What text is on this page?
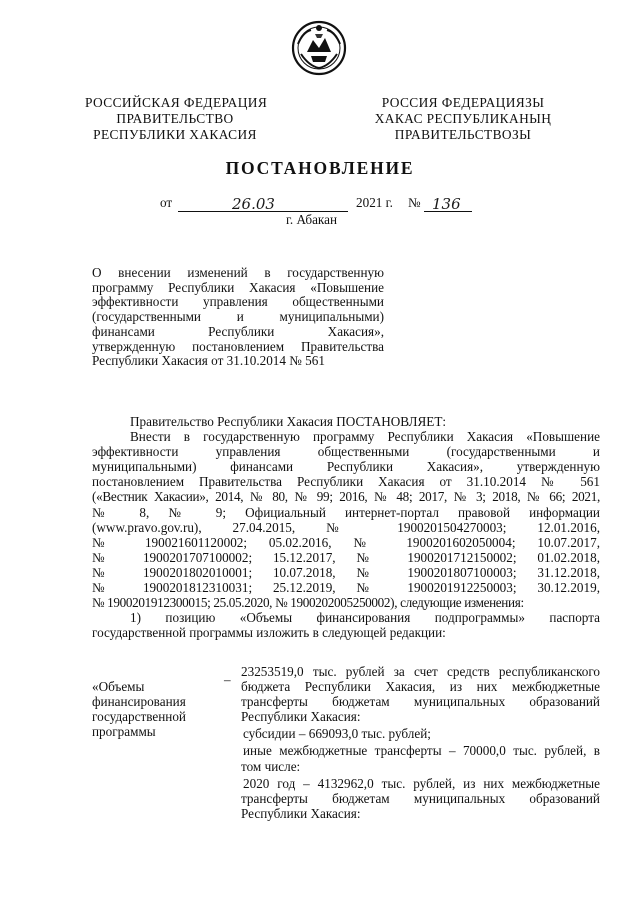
РОССИЙСКАЯ ФЕДЕРАЦИЯ
ПРАВИТЕЛЬСТВО
РЕСПУБЛИКИ ХАКАСИЯ
РОССИЯ ФЕДЕРАЦИЯЗЫ
ХАКАС РЕСПУБЛИКАНЫҢ
ПРАВИТЕЛЬСТВОЗЫ
ПОСТАНОВЛЕНИЕ
от	26.03	2021 г. № 136
г. Абакан
О внесении изменений в государственную
программу Республики Хакасия «Повышение
эффективности управления общественными
(государственными и муниципальными)
финансами Республики Хакасия»,
утвержденную постановлением Правительства
Республики Хакасия от 31.10.2014 № 561
Правительство Республики Хакасия ПОСТАНОВЛЯЕТ:
Внести в государственную программу Республики Хакасия «Повышение
эффективности управления общественными (государственными и
муниципальными) финансами Республики Хакасия», утвержденную
постановлением Правительства Республики Хакасия от 31.10.2014 № 561
(«Вестник Хакасии», 2014, № 80, № 99; 2016, № 48; 2017, № 3; 2018, № 66; 2021,
№ 8, № 9; Официальный интернет-портал правовой информации
(www.pravo.gov.ru), 27.04.2015, № 1900201504270003; 12.01.2016,
№ 190021601120002; 05.02.2016, № 1900201602050004; 10.07.2017,
№ 1900201707100002; 15.12.2017, № 1900201712150002; 01.02.2018,
№ 1900201802010001; 10.07.2018, № 1900201807100003; 31.12.2018,
№ 1900201812310031; 25.12.2019, № 1900201912250003; 30.12.2019,
№ 1900201912300015; 25.05.2020, № 1900202005250002), следующие изменения:
1) позицию «Объемы финансирования подпрограммы» паспорта
государственной программы изложить в следующей редакции:
«Объемы
финансирования
государственной
программы
–
23253519,0 тыс. рублей за счет средств республиканского
бюджета Республики Хакасия, из них межбюджетные
трансферты бюджетам муниципальных образований
Республики Хакасия:
субсидии – 669093,0 тыс. рублей;
иные межбюджетные трансферты – 70000,0 тыс. рублей, в
том числе:
2020 год – 4132962,0 тыс. рублей, из них межбюджетные
трансферты бюджетам муниципальных образований
Республики Хакасия:
